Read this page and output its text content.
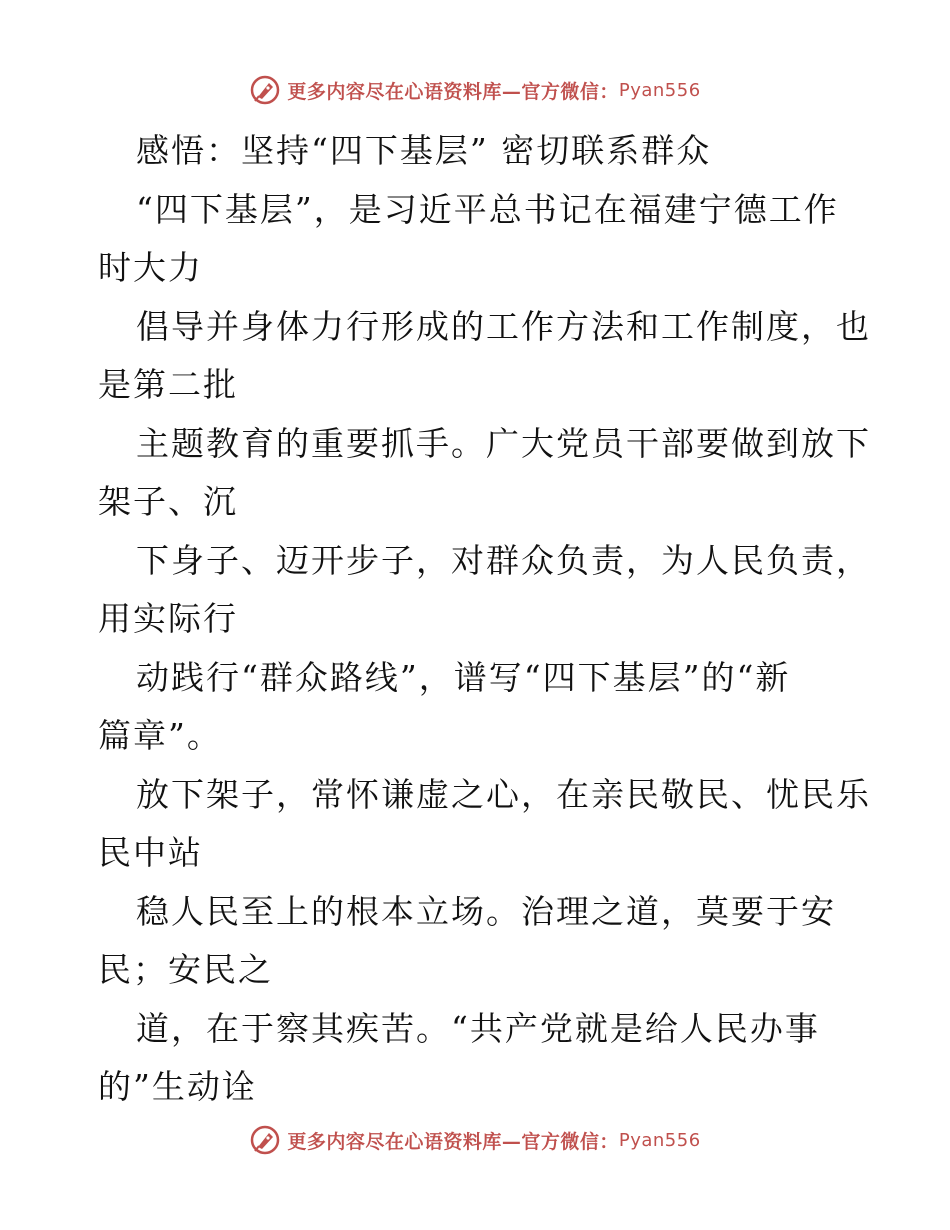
更多内容尽在心语资料库—官方微信： Pyan556
感悟：坚持“四下基层” 密切联系群众
“四下基层”，是习近平总书记在福建宁德工作
时大力
倡导并身体力行形成的工作方法和工作制度，也
是第二批
主题教育的重要抓手。广大党员干部要做到放下
架子、沉
下身子、迈开步子，对群众负责，为人民负责，
用实际行
动践行“群众路线”，谱写“四下基层”的“新
篇章”。
放下架子，常怀谦虚之心，在亲民敬民、忧民乐
民中站
稳人民至上的根本立场。治理之道，莫要于安
民；安民之
道，在于察其疾苦。“共产党就是给人民办事
的”生动诠
更多内容尽在心语资料库—官方微信： Pyan556
